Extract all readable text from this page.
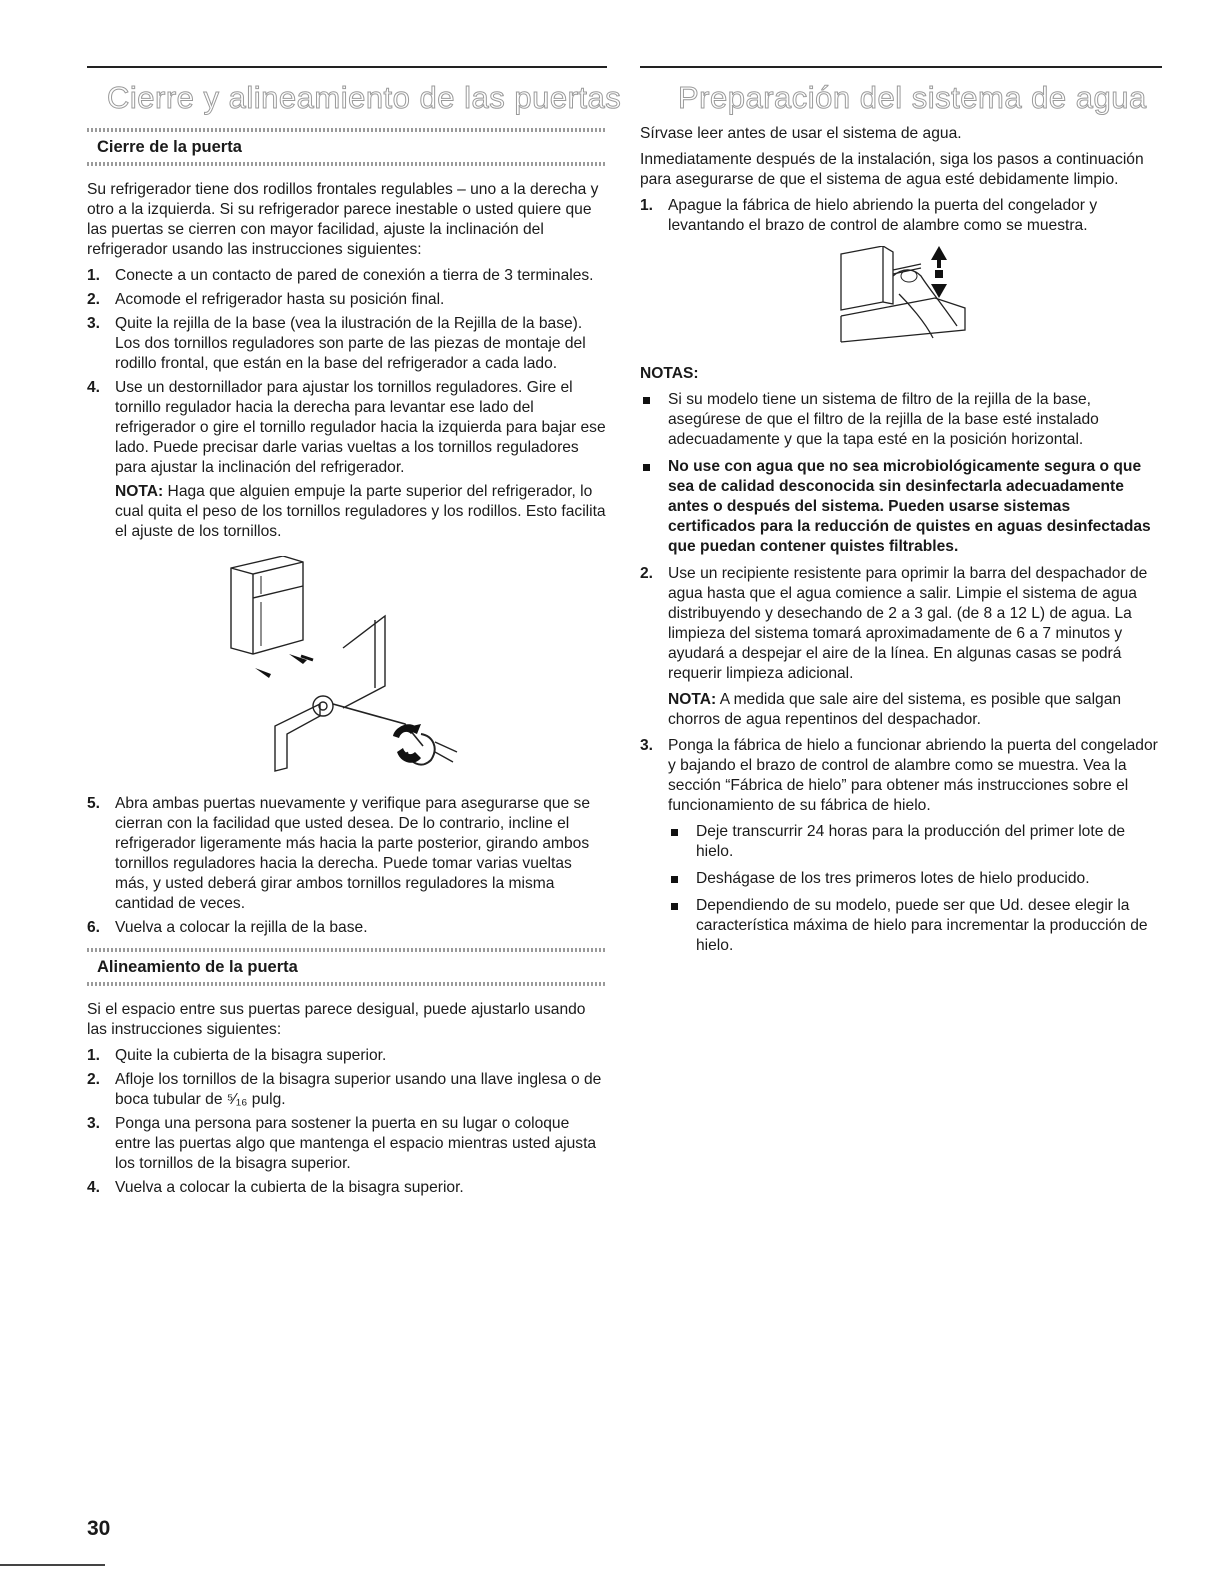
Cierre y alineamiento de las puertas
Cierre de la puerta

Su refrigerador tiene dos rodillos frontales regulables – uno a la derecha y otro a la izquierda. Si su refrigerador parece inestable o usted quiere que las puertas se cierren con mayor facilidad, ajuste la inclinación del refrigerador usando las instrucciones siguientes:

1. Conecte a un contacto de pared de conexión a tierra de 3 terminales.
2. Acomode el refrigerador hasta su posición final.
3. Quite la rejilla de la base (vea la ilustración de la Rejilla de la base). Los dos tornillos reguladores son parte de las piezas de montaje del rodillo frontal, que están en la base del refrigerador a cada lado.
4. Use un destornillador para ajustar los tornillos reguladores. Gire el tornillo regulador hacia la derecha para levantar ese lado del refrigerador o gire el tornillo regulador hacia la izquierda para bajar ese lado. Puede precisar darle varias vueltas a los tornillos reguladores para ajustar la inclinación del refrigerador.
NOTA: Haga que alguien empuje la parte superior del refrigerador, lo cual quita el peso de los tornillos reguladores y los rodillos. Esto facilita el ajuste de los tornillos.
5. Abra ambas puertas nuevamente y verifique para asegurarse que se cierran con la facilidad que usted desea. De lo contrario, incline el refrigerador ligeramente más hacia la parte posterior, girando ambos tornillos reguladores hacia la derecha. Puede tomar varias vueltas más, y usted deberá girar ambos tornillos reguladores la misma cantidad de veces.
6. Vuelva a colocar la rejilla de la base.
Alineamiento de la puerta

Si el espacio entre sus puertas parece desigual, puede ajustarlo usando las instrucciones siguientes:

1. Quite la cubierta de la bisagra superior.
2. Afloje los tornillos de la bisagra superior usando una llave inglesa o de boca tubular de ⁵⁄₁₆ pulg.
3. Ponga una persona para sostener la puerta en su lugar o coloque entre las puertas algo que mantenga el espacio mientras usted ajusta los tornillos de la bisagra superior.
4. Vuelva a colocar la cubierta de la bisagra superior.
Preparación del sistema de agua

Sírvase leer antes de usar el sistema de agua.

Inmediatamente después de la instalación, siga los pasos a continuación para asegurarse de que el sistema de agua esté debidamente limpio.

1. Apague la fábrica de hielo abriendo la puerta del congelador y levantando el brazo de control de alambre como se muestra.
NOTAS:
Si su modelo tiene un sistema de filtro de la rejilla de la base, asegúrese de que el filtro de la rejilla de la base esté instalado adecuadamente y que la tapa esté en la posición horizontal.
No use con agua que no sea microbiológicamente segura o que sea de calidad desconocida sin desinfectarla adecuadamente antes o después del sistema. Pueden usarse sistemas certificados para la reducción de quistes en aguas desinfectadas que puedan contener quistes filtrables.
2. Use un recipiente resistente para oprimir la barra del despachador de agua hasta que el agua comience a salir. Limpie el sistema de agua distribuyendo y desechando de 2 a 3 gal. (de 8 a 12 L) de agua. La limpieza del sistema tomará aproximadamente de 6 a 7 minutos y ayudará a despejar el aire de la línea. En algunas casas se podrá requerir limpieza adicional.
NOTA: A medida que sale aire del sistema, es posible que salgan chorros de agua repentinos del despachador.
3. Ponga la fábrica de hielo a funcionar abriendo la puerta del congelador y bajando el brazo de control de alambre como se muestra. Vea la sección “Fábrica de hielo” para obtener más instrucciones sobre el funcionamiento de su fábrica de hielo.
Deje transcurrir 24 horas para la producción del primer lote de hielo.
Deshágase de los tres primeros lotes de hielo producido.
Dependiendo de su modelo, puede ser que Ud. desee elegir la característica máxima de hielo para incrementar la producción de hielo.
30
